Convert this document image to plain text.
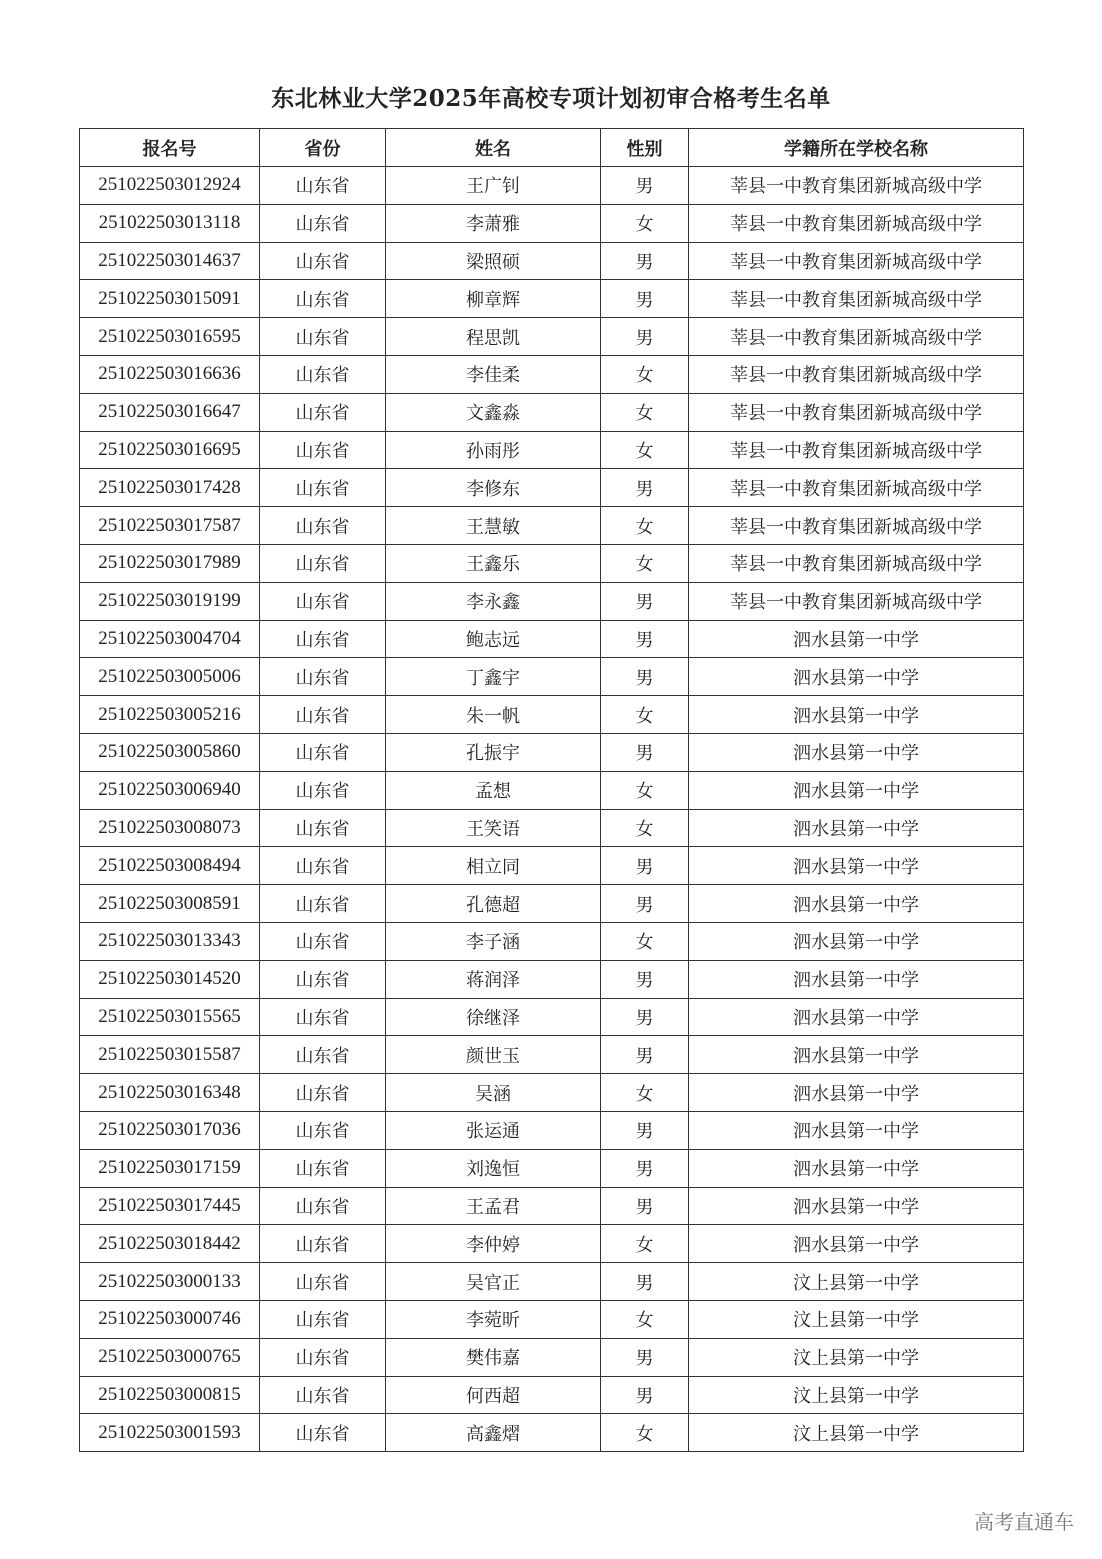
东北林业大学2025年高校专项计划初审合格考生名单
报名号	省份	姓名	性别	学籍所在学校名称
251022503012924	山东省	王广钊	男	莘县一中教育集团新城高级中学
251022503013118	山东省	李萧雅	女	莘县一中教育集团新城高级中学
251022503014637	山东省	梁照硕	男	莘县一中教育集团新城高级中学
251022503015091	山东省	柳章辉	男	莘县一中教育集团新城高级中学
251022503016595	山东省	程思凯	男	莘县一中教育集团新城高级中学
251022503016636	山东省	李佳柔	女	莘县一中教育集团新城高级中学
251022503016647	山东省	文鑫淼	女	莘县一中教育集团新城高级中学
251022503016695	山东省	孙雨彤	女	莘县一中教育集团新城高级中学
251022503017428	山东省	李修东	男	莘县一中教育集团新城高级中学
251022503017587	山东省	王慧敏	女	莘县一中教育集团新城高级中学
251022503017989	山东省	王鑫乐	女	莘县一中教育集团新城高级中学
251022503019199	山东省	李永鑫	男	莘县一中教育集团新城高级中学
251022503004704	山东省	鲍志远	男	泗水县第一中学
251022503005006	山东省	丁鑫宇	男	泗水县第一中学
251022503005216	山东省	朱一帆	女	泗水县第一中学
251022503005860	山东省	孔振宇	男	泗水县第一中学
251022503006940	山东省	孟想	女	泗水县第一中学
251022503008073	山东省	王笑语	女	泗水县第一中学
251022503008494	山东省	相立同	男	泗水县第一中学
251022503008591	山东省	孔德超	男	泗水县第一中学
251022503013343	山东省	李子涵	女	泗水县第一中学
251022503014520	山东省	蒋润泽	男	泗水县第一中学
251022503015565	山东省	徐继泽	男	泗水县第一中学
251022503015587	山东省	颜世玉	男	泗水县第一中学
251022503016348	山东省	吴涵	女	泗水县第一中学
251022503017036	山东省	张运通	男	泗水县第一中学
251022503017159	山东省	刘逸恒	男	泗水县第一中学
251022503017445	山东省	王孟君	男	泗水县第一中学
251022503018442	山东省	李仲婷	女	泗水县第一中学
251022503000133	山东省	吴官正	男	汶上县第一中学
251022503000746	山东省	李菀昕	女	汶上县第一中学
251022503000765	山东省	樊伟嘉	男	汶上县第一中学
251022503000815	山东省	何西超	男	汶上县第一中学
251022503001593	山东省	高鑫熠	女	汶上县第一中学
高考直通车
